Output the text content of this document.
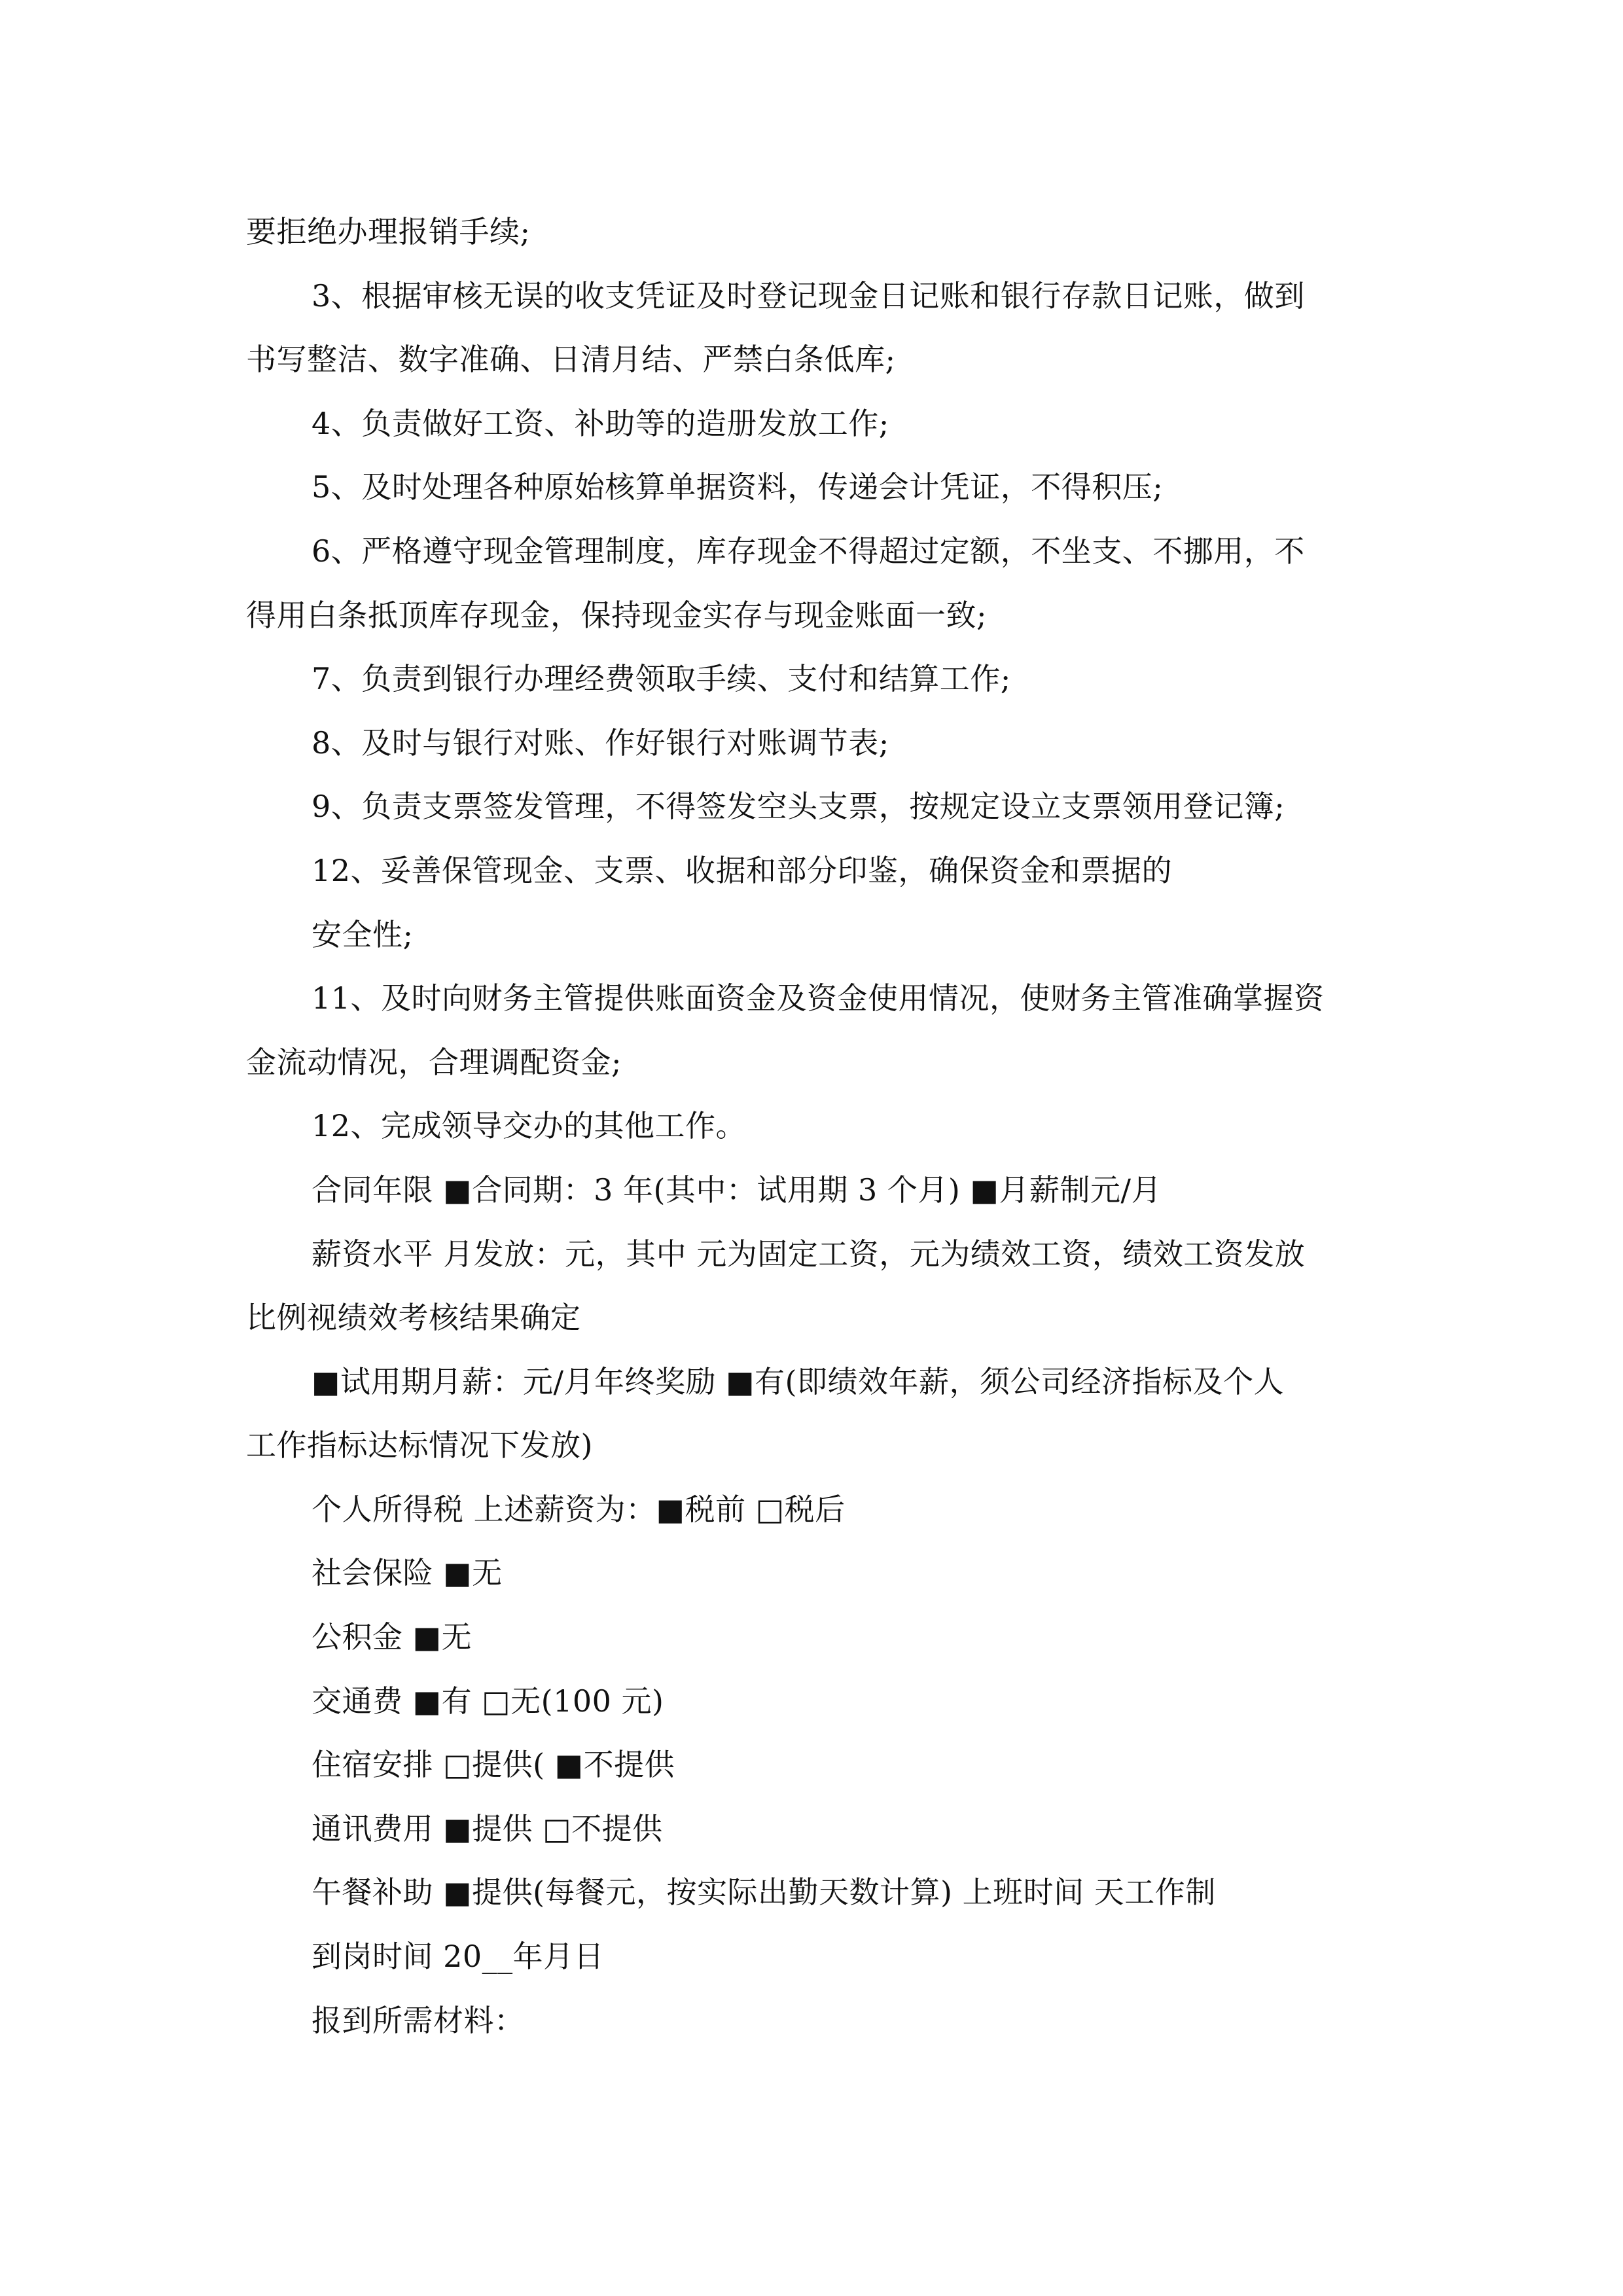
要拒绝办理报销手续;
3、根据审核无误的收支凭证及时登记现金日记账和银行存款日记账，做到
书写整洁、数字准确、日清月结、严禁白条低库;
4、负责做好工资、补助等的造册发放工作;
5、及时处理各种原始核算单据资料，传递会计凭证，不得积压;
6、严格遵守现金管理制度，库存现金不得超过定额，不坐支、不挪用，不
得用白条抵顶库存现金，保持现金实存与现金账面一致;
7、负责到银行办理经费领取手续、支付和结算工作;
8、及时与银行对账、作好银行对账调节表;
9、负责支票签发管理，不得签发空头支票，按规定设立支票领用登记簿;
12、妥善保管现金、支票、收据和部分印鉴，确保资金和票据的
安全性;
11、及时向财务主管提供账面资金及资金使用情况，使财务主管准确掌握资
金流动情况，合理调配资金;
12、完成领导交办的其他工作。
合同年限 ■合同期：3 年(其中：试用期 3 个月) ■月薪制元/月
薪资水平 月发放：元，其中 元为固定工资，元为绩效工资，绩效工资发放
比例视绩效考核结果确定
■试用期月薪：元/月年终奖励 ■有(即绩效年薪，须公司经济指标及个人
工作指标达标情况下发放)
个人所得税 上述薪资为：■税前 □税后
社会保险 ■无
公积金 ■无
交通费 ■有 □无(100 元)
住宿安排 □提供( ■不提供
通讯费用 ■提供 □不提供
午餐补助 ■提供(每餐元，按实际出勤天数计算) 上班时间 天工作制
到岗时间 20__年月日
报到所需材料：
